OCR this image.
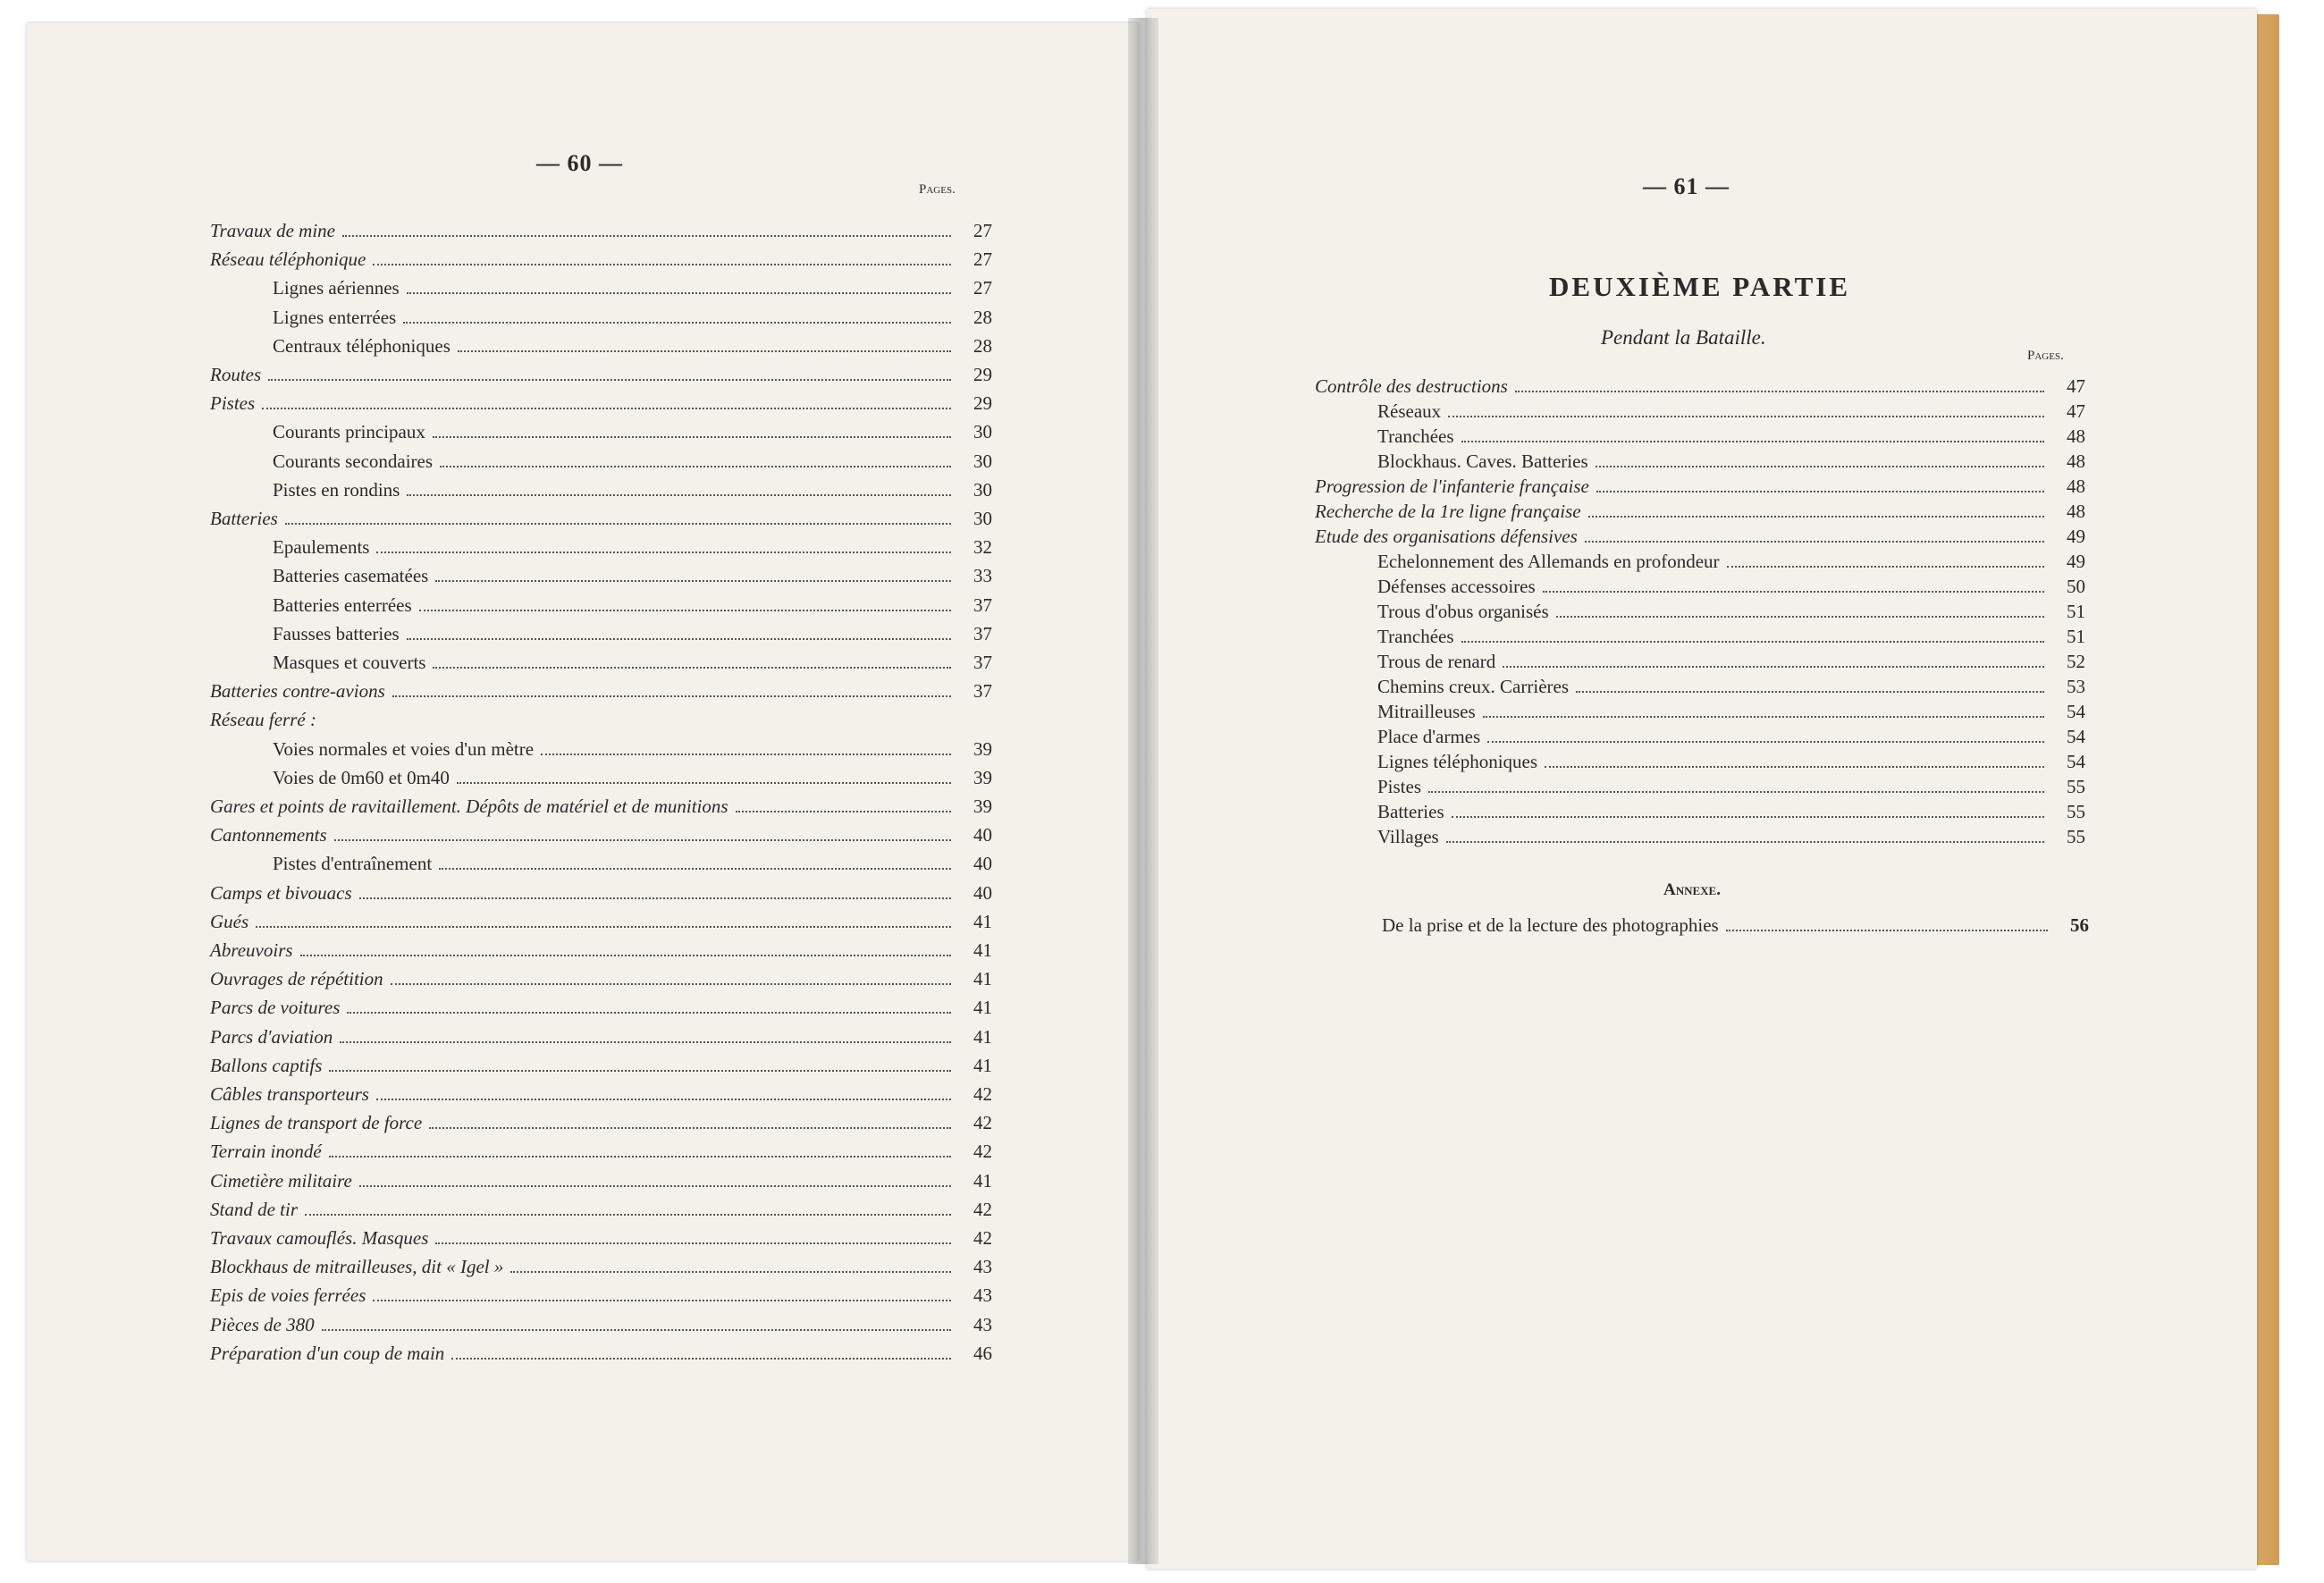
— 60 —
Pages.
Travaux de mine	27
Réseau téléphonique	27
Lignes aériennes	27
Lignes enterrées	28
Centraux téléphoniques	28
Routes	29
Pistes	29
Courants principaux	30
Courants secondaires	30
Pistes en rondins	30
Batteries	30
Epaulements	32
Batteries casematées	33
Batteries enterrées	37
Fausses batteries	37
Masques et couverts	37
Batteries contre-avions	37
Réseau ferré :
Voies normales et voies d'un mètre	39
Voies de 0m60 et 0m40	39
Gares et points de ravitaillement. Dépôts de matériel et de munitions	39
Cantonnements	40
Pistes d'entraînement	40
Camps et bivouacs	40
Gués	41
Abreuvoirs	41
Ouvrages de répétition	41
Parcs de voitures	41
Parcs d'aviation	41
Ballons captifs	41
Câbles transporteurs	42
Lignes de transport de force	42
Terrain inondé	42
Cimetière militaire	41
Stand de tir	42
Travaux camouflés. Masques	42
Blockhaus de mitrailleuses, dit « Igel »	43
Epis de voies ferrées	43
Pièces de 380	43
Préparation d'un coup de main	46
— 61 —
DEUXIÈME PARTIE
Pendant la Bataille.
Pages.
Contrôle des destructions	47
Réseaux	47
Tranchées	48
Blockhaus. Caves. Batteries	48
Progression de l'infanterie française	48
Recherche de la 1re ligne française	48
Etude des organisations défensives	49
Echelonnement des Allemands en profondeur	49
Défenses accessoires	50
Trous d'obus organisés	51
Tranchées	51
Trous de renard	52
Chemins creux. Carrières	53
Mitrailleuses	54
Place d'armes	54
Lignes téléphoniques	54
Pistes	55
Batteries	55
Villages	55
Annexe.
De la prise et de la lecture des photographies	56
